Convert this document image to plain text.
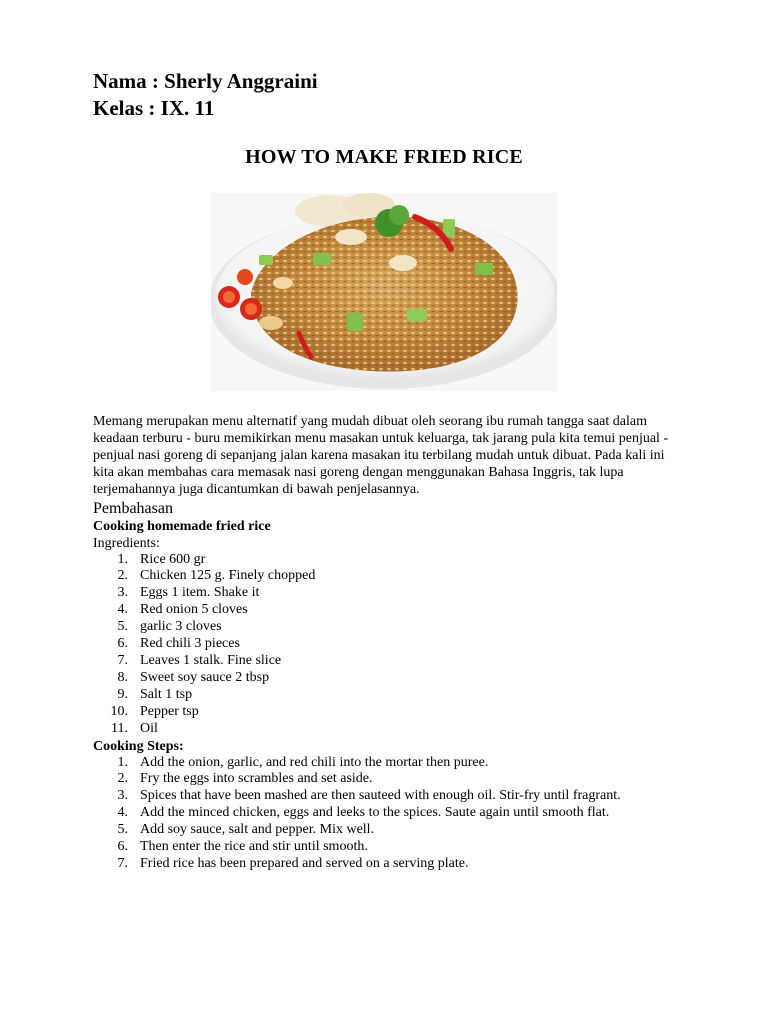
Nama : Sherly Anggraini
Kelas : IX. 11
HOW TO MAKE FRIED RICE

Memang merupakan menu alternatif yang mudah dibuat oleh seorang ibu rumah tangga saat dalam keadaan terburu - buru memikirkan menu masakan untuk keluarga, tak jarang pula kita temui penjual - penjual nasi goreng di sepanjang jalan karena masakan itu terbilang mudah untuk dibuat. Pada kali ini kita akan membahas cara memasak nasi goreng dengan menggunakan Bahasa Inggris, tak lupa terjemahannya juga dicantumkan di bawah penjelasannya.

Pembahasan
Cooking homemade fried rice
Ingredients:
1. Rice 600 gr
2. Chicken 125 g. Finely chopped
3. Eggs 1 item. Shake it
4. Red onion 5 cloves
5. garlic 3 cloves
6. Red chili 3 pieces
7. Leaves 1 stalk. Fine slice
8. Sweet soy sauce 2 tbsp
9. Salt 1 tsp
10. Pepper tsp
11. Oil
Cooking Steps:
1. Add the onion, garlic, and red chili into the mortar then puree.
2. Fry the eggs into scrambles and set aside.
3. Spices that have been mashed are then sauteed with enough oil. Stir-fry until fragrant.
4. Add the minced chicken, eggs and leeks to the spices. Saute again until smooth flat.
5. Add soy sauce, salt and pepper. Mix well.
6. Then enter the rice and stir until smooth.
7. Fried rice has been prepared and served on a serving plate.
